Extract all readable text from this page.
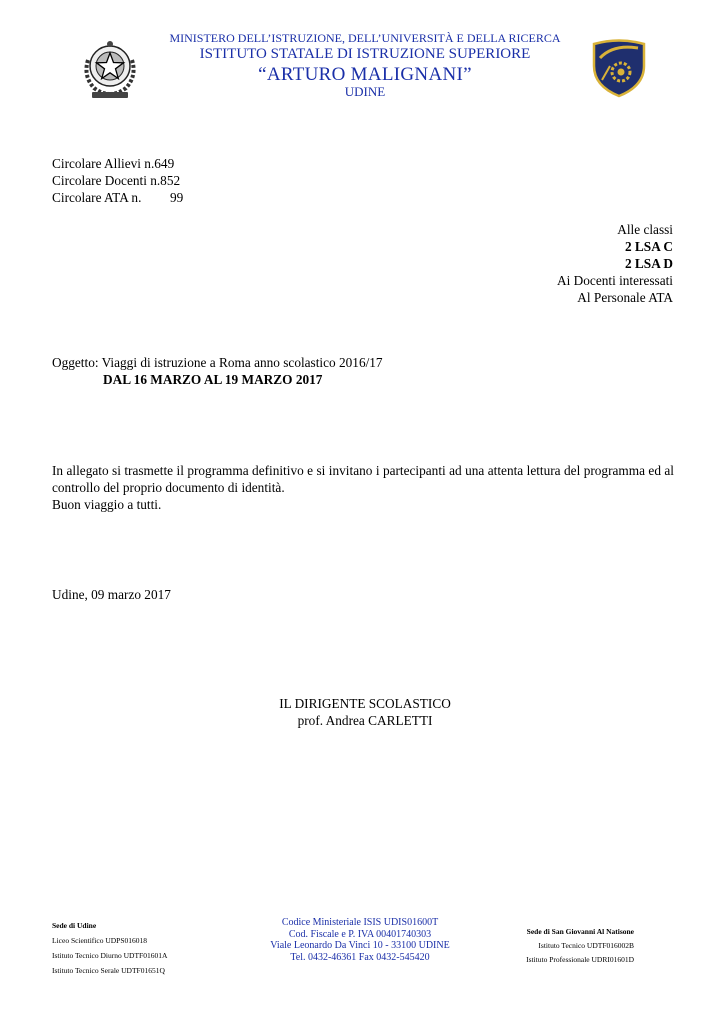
MINISTERO DELL’ISTRUZIONE, DELL’UNIVERSITÀ E DELLA RICERCA
ISTITUTO STATALE DI ISTRUZIONE SUPERIORE
“ARTURO MALIGNANI”
UDINE
Circolare Allievi n.649
Circolare Docenti n.852
Circolare ATA n. 99
Alle classi
2 LSA C
2 LSA D
Ai Docenti interessati
Al Personale ATA
Oggetto: Viaggi di istruzione a Roma anno scolastico 2016/17
DAL 16 MARZO AL 19 MARZO 2017
In allegato si trasmette il programma definitivo e si invitano i partecipanti ad una attenta lettura del programma ed al controllo del proprio documento di identità.
Buon viaggio a tutti.
Udine, 09 marzo 2017
IL DIRIGENTE SCOLASTICO
prof. Andrea CARLETTI
Sede di Udine
Liceo Scientifico UDPS016018
Istituto Tecnico Diurno UDTF01601A
Istituto Tecnico Serale UDTF01651Q
Codice Ministeriale ISIS UDIS01600T
Cod. Fiscale e P. IVA 00401740303
Viale Leonardo Da Vinci 10 - 33100 UDINE
Tel. 0432-46361 Fax 0432-545420
Sede di San Giovanni Al Natisone
Istituto Tecnico UDTF016002B
Istituto Professionale UDRI01601D
